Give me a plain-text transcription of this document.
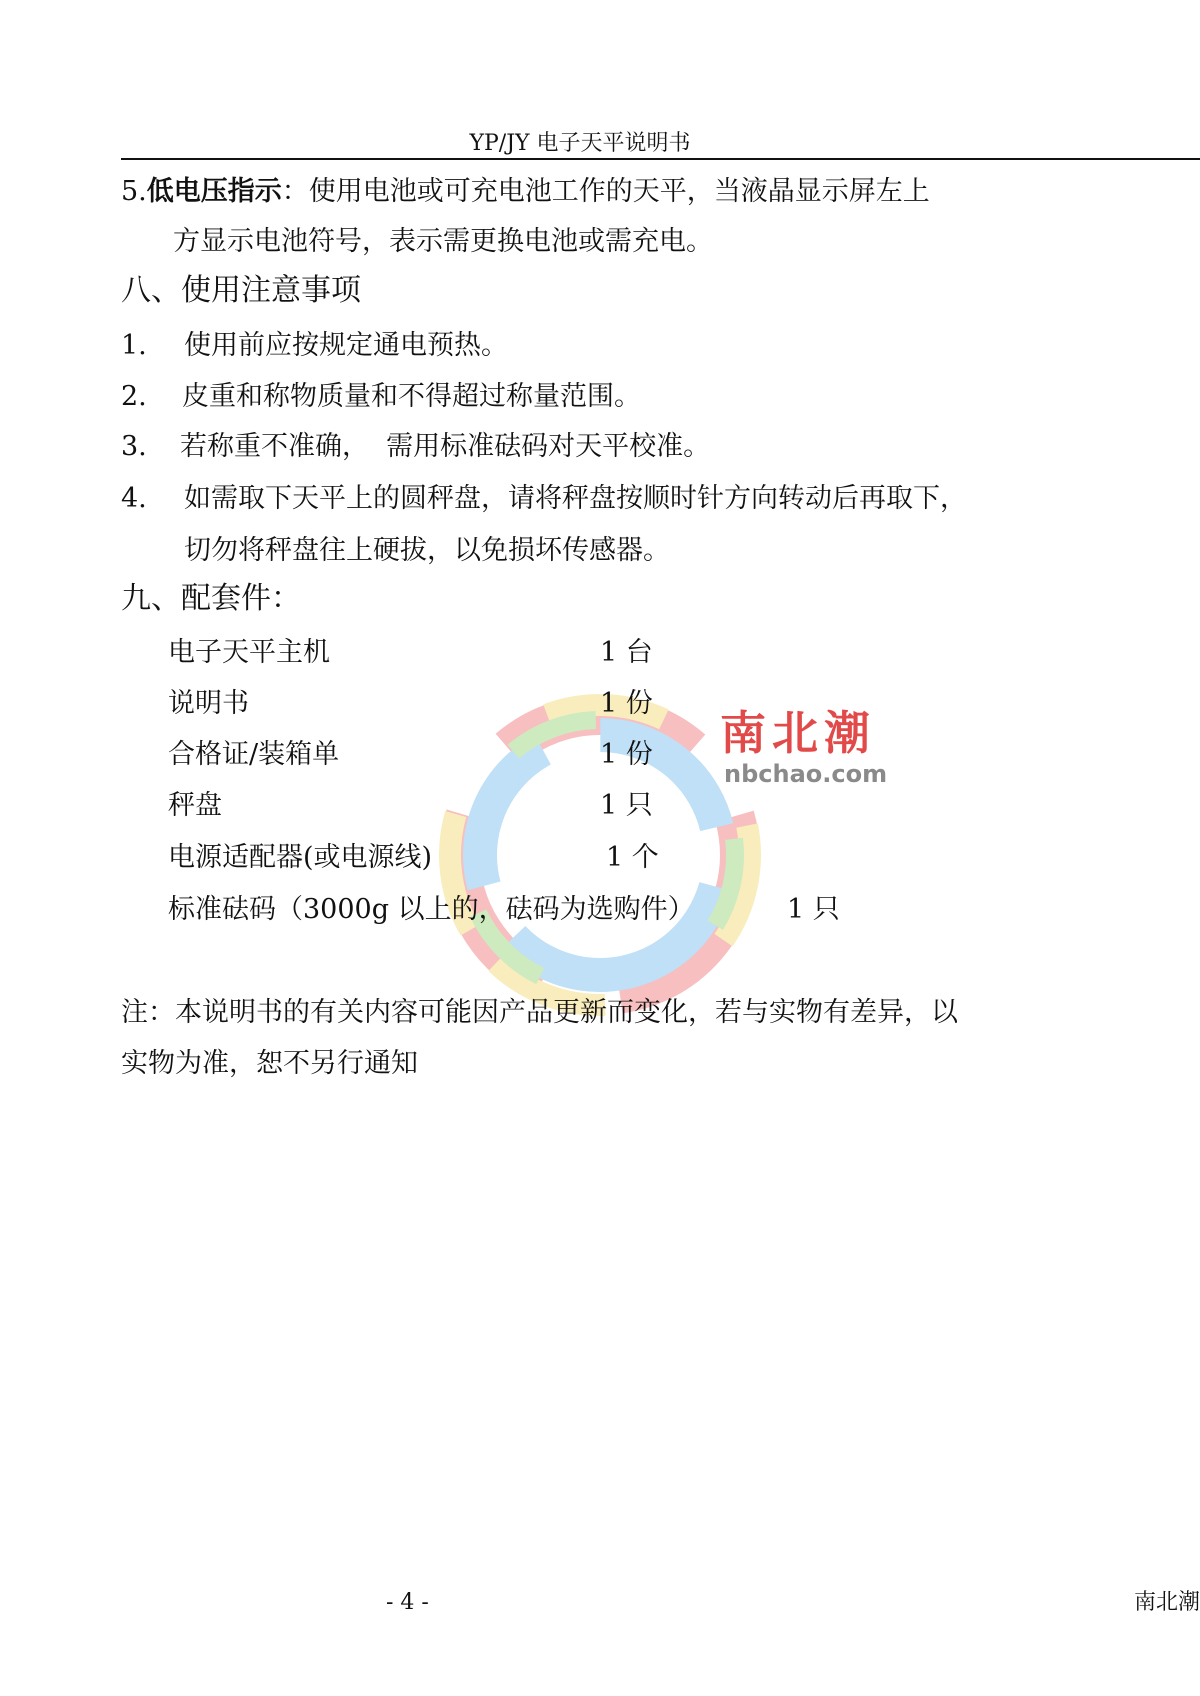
南北潮
nbchao.com
YP/JY 电子天平说明书
5.低电压指示：使用电池或可充电池工作的天平，当液晶显示屏左上
方显示电池符号，表示需更换电池或需充电。
八、使用注意事项
1. 使用前应按规定通电预热。
2. 皮重和称物质量和不得超过称量范围。
3. 若称重不准确，  需用标准砝码对天平校准。
4. 如需取下天平上的圆秤盘，请将秤盘按顺时针方向转动后再取下，
切勿将秤盘往上硬拔，以免损坏传感器。
九、配套件：
电子天平主机	1 台
说明书	1 份
合格证/装箱单	1 份
秤盘	1 只
电源适配器(或电源线)	1 个
标准砝码（3000g 以上的，砝码为选购件）	1 只
注：本说明书的有关内容可能因产品更新而变化，若与实物有差异，以
实物为准，恕不另行通知
- 4 -	南北潮
